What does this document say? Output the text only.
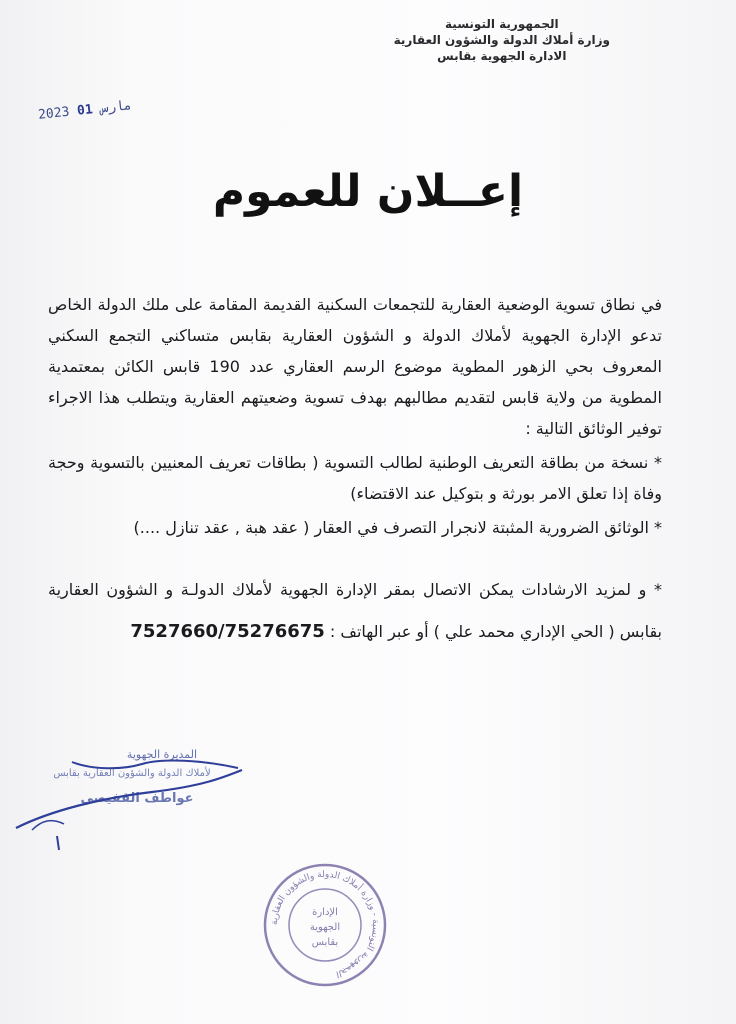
الجمهورية التونسية
وزارة أملاك الدولة والشؤون العقارية
الادارة الجهوية بقابس
2023 مارس 01
إعــلان للعموم

في نطاق تسوية الوضعية العقارية للتجمعات السكنية القديمة المقامة على ملك الدولة الخاص تدعو الإدارة الجهوية لأملاك الدولة و الشؤون العقارية بقابس متساكني التجمع السكني المعروف بحي الزهور المطوية موضوع الرسم العقاري عدد 190 قابس الكائن بمعتمدية المطوية من ولاية قابس لتقديم مطالبهم بهدف تسوية وضعيتهم العقارية ويتطلب هذا الاجراء توفير الوثائق التالية :

* نسخة من بطاقة التعريف الوطنية لطالب التسوية ( بطاقات تعريف المعنيين بالتسوية وحجة وفاة إذا تعلق الامر بورثة و بتوكيل عند الاقتضاء)

* الوثائق الضرورية المثبتة لانجرار التصرف في العقار ( عقد هبة , عقد تنازل ....)

* و لمزيد الارشادات يمكن الاتصال بمقر الإدارة الجهوية لأملاك الدولـة و الشؤون العقارية بقابس ( الحي الإداري محمد علي ) أو عبر الهاتف : 7527660/75276675

المديرة الجهوية
لأملاك الدولة والشؤون العقارية بقابس
عواطف القفيصي
الجمهورية التونسية - وزارة أملاك الدولة والشؤون العقارية
الإدارة
الجهوية
بقابس
